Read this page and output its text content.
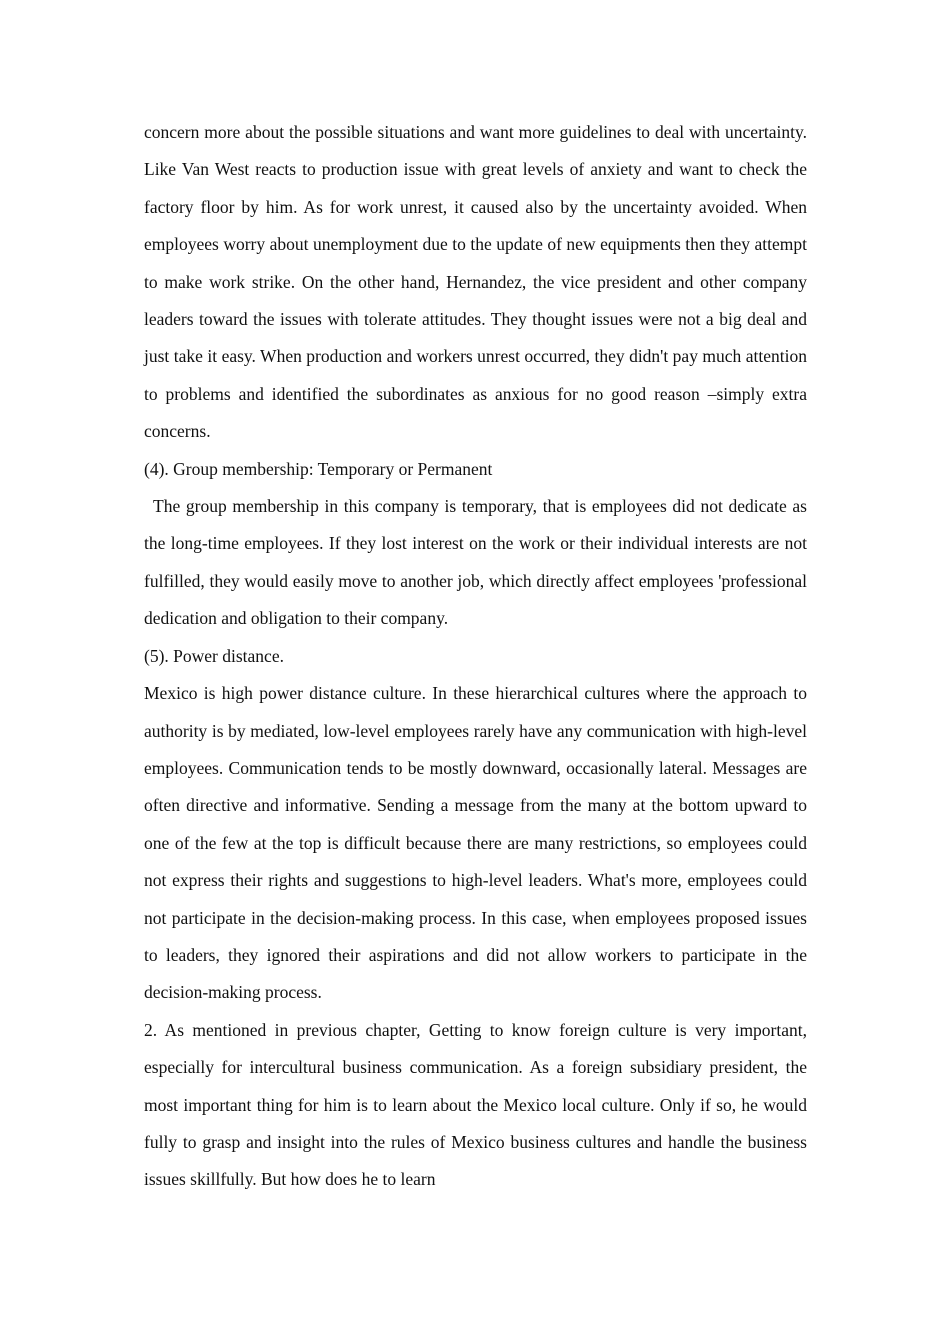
concern more about the possible situations and want more guidelines to deal with uncertainty. Like Van West reacts to production issue with great levels of anxiety and want to check the factory floor by him. As for work unrest, it caused also by the uncertainty avoided. When employees worry about unemployment due to the update of new equipments then they attempt to make work strike. On the other hand, Hernandez, the vice president and other company leaders toward the issues with tolerate attitudes. They thought issues were not a big deal and just take it easy. When production and workers unrest occurred, they didn't pay much attention to problems and identified the subordinates as anxious for no good reason –simply extra concerns.

(4). Group membership: Temporary or Permanent

The group membership in this company is temporary, that is employees did not dedicate as the long-time employees. If they lost interest on the work or their individual interests are not fulfilled, they would easily move to another job, which directly affect employees 'professional dedication and obligation to their company.

(5). Power distance.

Mexico is high power distance culture. In these hierarchical cultures where the approach to authority is by mediated, low-level employees rarely have any communication with high-level employees. Communication tends to be mostly downward, occasionally lateral. Messages are often directive and informative. Sending a message from the many at the bottom upward to one of the few at the top is difficult because there are many restrictions, so employees could not express their rights and suggestions to high-level leaders. What's more, employees could not participate in the decision-making process. In this case, when employees proposed issues to leaders, they ignored their aspirations and did not allow workers to participate in the decision-making process.

2. As mentioned in previous chapter, Getting to know foreign culture is very important, especially for intercultural business communication. As a foreign subsidiary president, the most important thing for him is to learn about the Mexico local culture. Only if so, he would fully to grasp and insight into the rules of Mexico business cultures and handle the business issues skillfully. But how does he to learn
